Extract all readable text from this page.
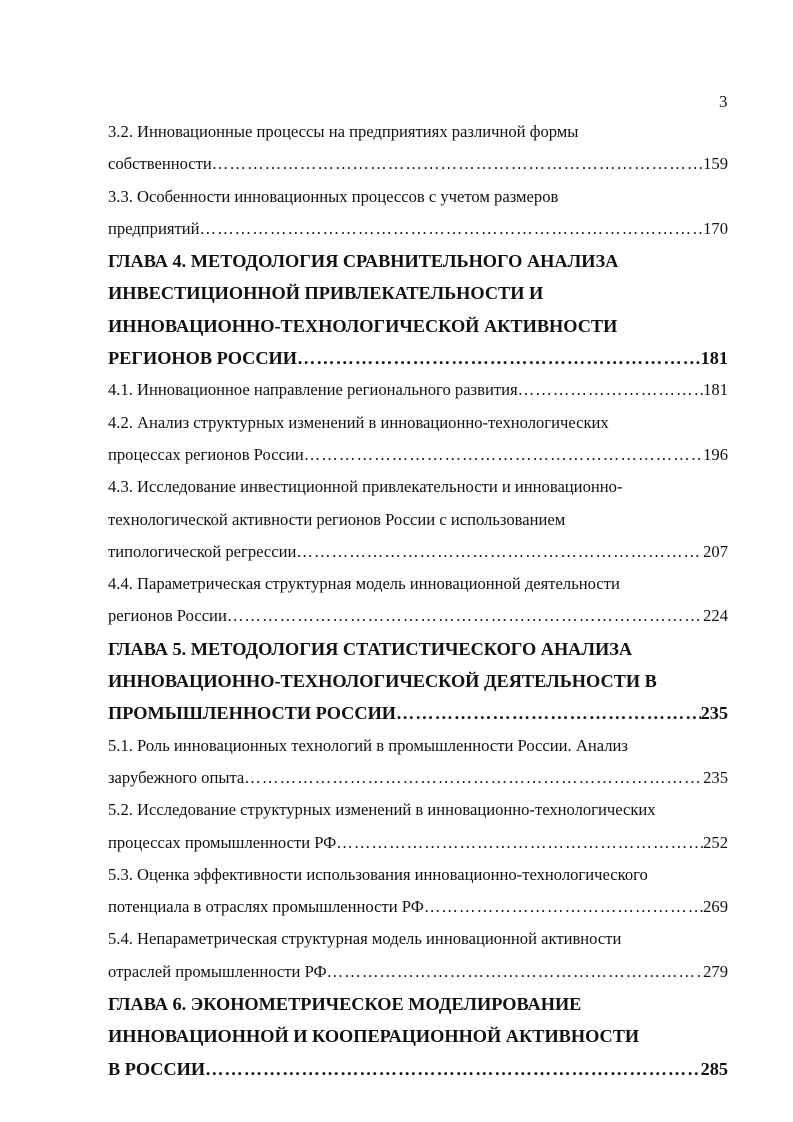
3
3.2. Инновационные процессы на предприятиях различной формы
собственности ……………………………………………………………………………………………………………………………………………………………	159
3.3. Особенности инновационных процессов с учетом размеров
предприятий ……………………………………………………………………………………………………………………………………………………………	170
ГЛАВА 4. МЕТОДОЛОГИЯ СРАВНИТЕЛЬНОГО АНАЛИЗА
ИНВЕСТИЦИОННОЙ ПРИВЛЕКАТЕЛЬНОСТИ И
ИННОВАЦИОННО-ТЕХНОЛОГИЧЕСКОЙ АКТИВНОСТИ
РЕГИОНОВ РОССИИ ……………………………………………………………………………………………………………………………………………………………	181
4.1. Инновационное направление регионального развития ……………………………………………………………………………………………………………………………………………………………	181
4.2. Анализ структурных изменений в инновационно-технологических
процессах регионов России ……………………………………………………………………………………………………………………………………………………………	196
4.3. Исследование инвестиционной привлекательности и инновационно-
технологической активности регионов России с использованием
типологической регрессии ……………………………………………………………………………………………………………………………………………………………	207
4.4. Параметрическая структурная модель инновационной деятельности
регионов России ……………………………………………………………………………………………………………………………………………………………	224
ГЛАВА 5. МЕТОДОЛОГИЯ СТАТИСТИЧЕСКОГО АНАЛИЗА
ИННОВАЦИОННО-ТЕХНОЛОГИЧЕСКОЙ ДЕЯТЕЛЬНОСТИ В
ПРОМЫШЛЕННОСТИ РОССИИ ……………………………………………………………………………………………………………………………………………………………	235
5.1. Роль инновационных технологий в промышленности России. Анализ
зарубежного опыта ……………………………………………………………………………………………………………………………………………………………	235
5.2. Исследование структурных изменений в инновационно-технологических
процессах промышленности РФ ……………………………………………………………………………………………………………………………………………………………	252
5.3. Оценка эффективности использования инновационно-технологического
потенциала в отраслях промышленности РФ ……………………………………………………………………………………………………………………………………………………………	269
5.4. Непараметрическая структурная модель инновационной активности
отраслей промышленности РФ ……………………………………………………………………………………………………………………………………………………………	279
ГЛАВА 6. ЭКОНОМЕТРИЧЕСКОЕ МОДЕЛИРОВАНИЕ
ИННОВАЦИОННОЙ И КООПЕРАЦИОННОЙ АКТИВНОСТИ
В РОССИИ ……………………………………………………………………………………………………………………………………………………………	285
